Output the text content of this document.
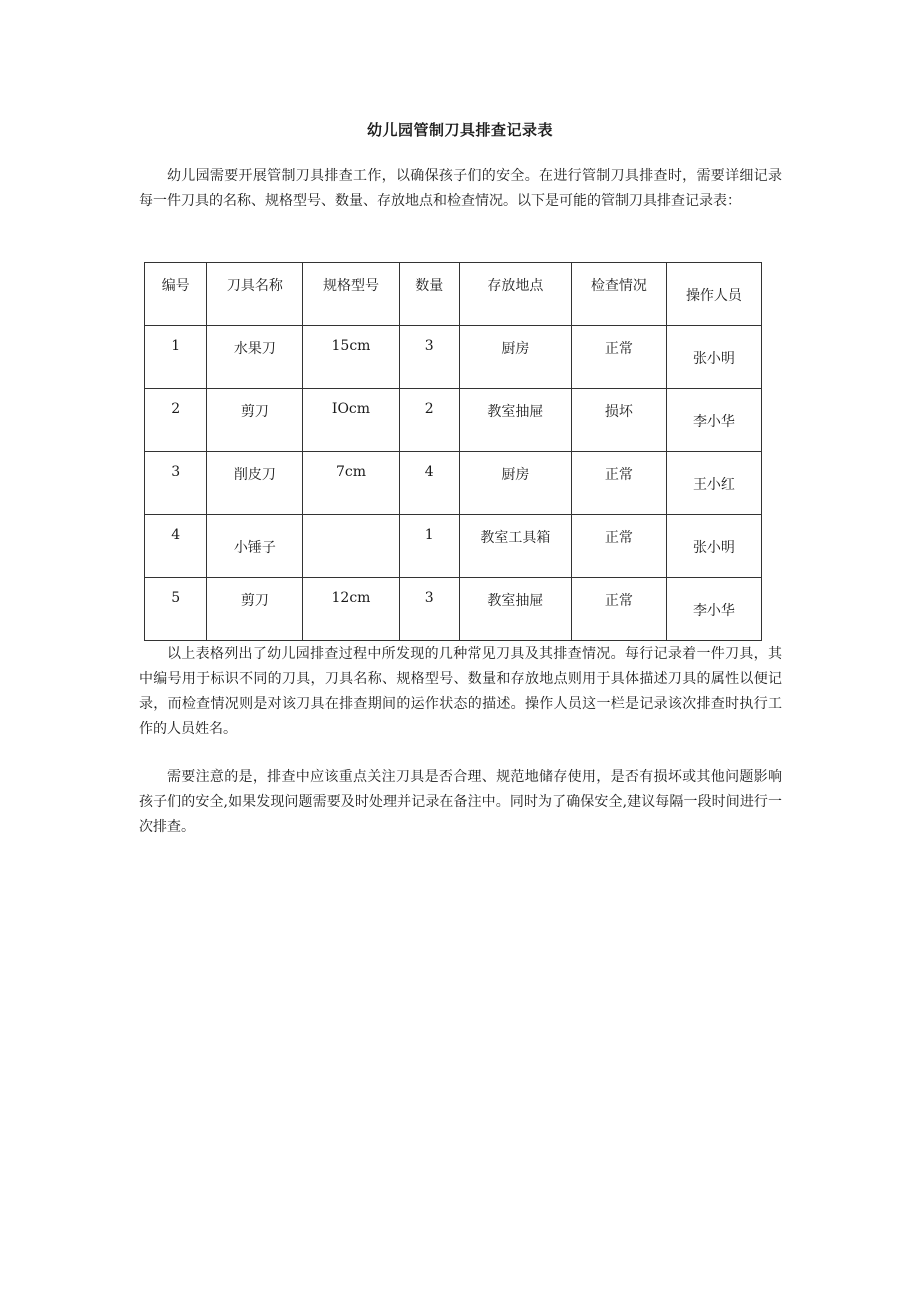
幼儿园管制刀具排查记录表

幼儿园需要开展管制刀具排查工作，以确保孩子们的安全。在进行管制刀具排查时，需要详细记录每一件刀具的名称、规格型号、数量、存放地点和检查情况。以下是可能的管制刀具排查记录表：

编号	刀具名称	规格型号	数量	存放地点	检查情况	操作人员

1	水果刀	15cm	3	厨房	正常	张小明

2	剪刀	IOcm	2	教室抽屉	损坏	李小华

3	削皮刀	7cm	4	厨房	正常	王小红

4	小锤子		1	教室工具箱	正常	张小明

5	剪刀	12cm	3	教室抽屉	正常	李小华

以上表格列出了幼儿园排查过程中所发现的几种常见刀具及其排查情况。每行记录着一件刀具，其中编号用于标识不同的刀具，刀具名称、规格型号、数量和存放地点则用于具体描述刀具的属性以便记录，而检查情况则是对该刀具在排查期间的运作状态的描述。操作人员这一栏是记录该次排查时执行工作的人员姓名。

需要注意的是，排查中应该重点关注刀具是否合理、规范地储存使用，是否有损坏或其他问题影响孩子们的安全,如果发现问题需要及时处理并记录在备注中。同时为了确保安全,建议每隔一段时间进行一次排查。
